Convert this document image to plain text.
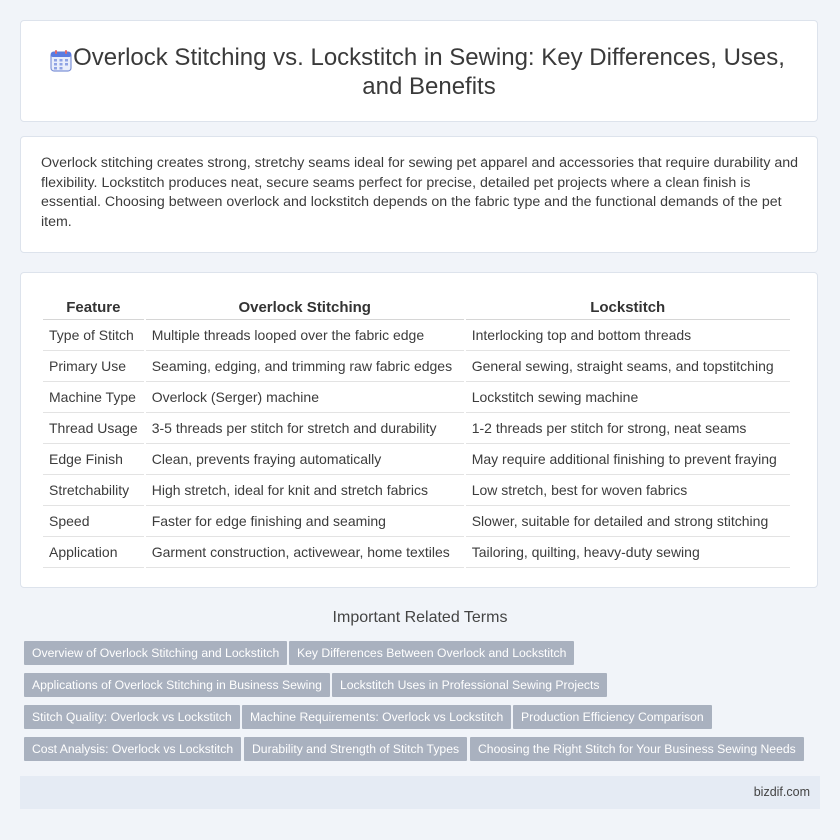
Overlock Stitching vs. Lockstitch in Sewing: Key Differences, Uses, and Benefits

Overlock stitching creates strong, stretchy seams ideal for sewing pet apparel and accessories that require durability and flexibility. Lockstitch produces neat, secure seams perfect for precise, detailed pet projects where a clean finish is essential. Choosing between overlock and lockstitch depends on the fabric type and the functional demands of the pet item.

Feature		Overlock Stitching		Lockstitch
Type of Stitch		Multiple threads looped over the fabric edge		Interlocking top and bottom threads
Primary Use		Seaming, edging, and trimming raw fabric edges		General sewing, straight seams, and topstitching
Machine Type		Overlock (Serger) machine		Lockstitch sewing machine
Thread Usage		3-5 threads per stitch for stretch and durability		1-2 threads per stitch for strong, neat seams
Edge Finish		Clean, prevents fraying automatically		May require additional finishing to prevent fraying
Stretchability		High stretch, ideal for knit and stretch fabrics		Low stretch, best for woven fabrics
Speed		Faster for edge finishing and seaming		Slower, suitable for detailed and strong stitching
Application		Garment construction, activewear, home textiles		Tailoring, quilting, heavy-duty sewing
Important Related Terms
Overview of Overlock Stitching and Lockstitch	Key Differences Between Overlock and Lockstitch
Applications of Overlock Stitching in Business Sewing	Lockstitch Uses in Professional Sewing Projects
Stitch Quality: Overlock vs Lockstitch	Machine Requirements: Overlock vs Lockstitch	Production Efficiency Comparison
Cost Analysis: Overlock vs Lockstitch	Durability and Strength of Stitch Types	Choosing the Right Stitch for Your Business Sewing Needs
bizdif.com
